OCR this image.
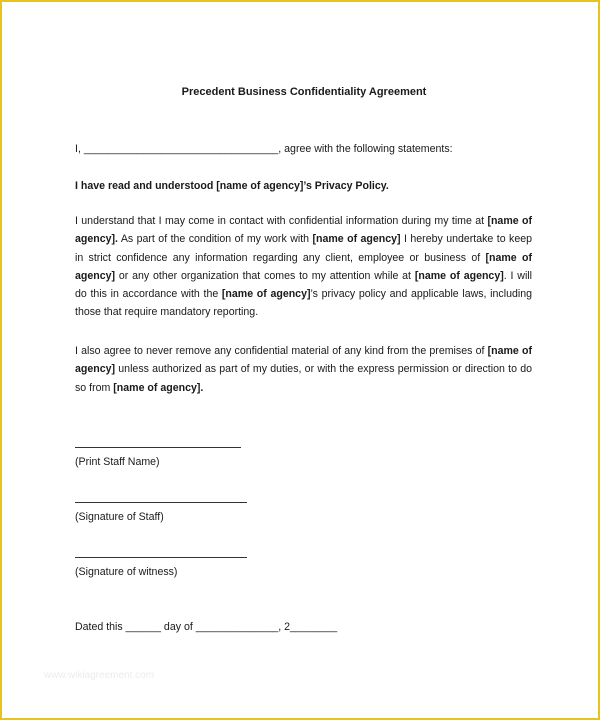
Precedent Business Confidentiality Agreement
I, _________________________________, agree with the following statements:
I have read and understood [name of agency]’s Privacy Policy.
I understand that I may come in contact with confidential information during my time at [name of agency]. As part of the condition of my work with [name of agency] I hereby undertake to keep in strict confidence any information regarding any client, employee or business of [name of agency] or any other organization that comes to my attention while at [name of agency]. I will do this in accordance with the [name of agency]’s privacy policy and applicable laws, including those that require mandatory reporting.
I also agree to never remove any confidential material of any kind from the premises of [name of agency] unless authorized as part of my duties, or with the express permission or direction to do so from [name of agency].
(Print Staff Name)
(Signature of Staff)
(Signature of witness)
Dated this ______ day of ______________, 2________
www.wikiagreement.com
